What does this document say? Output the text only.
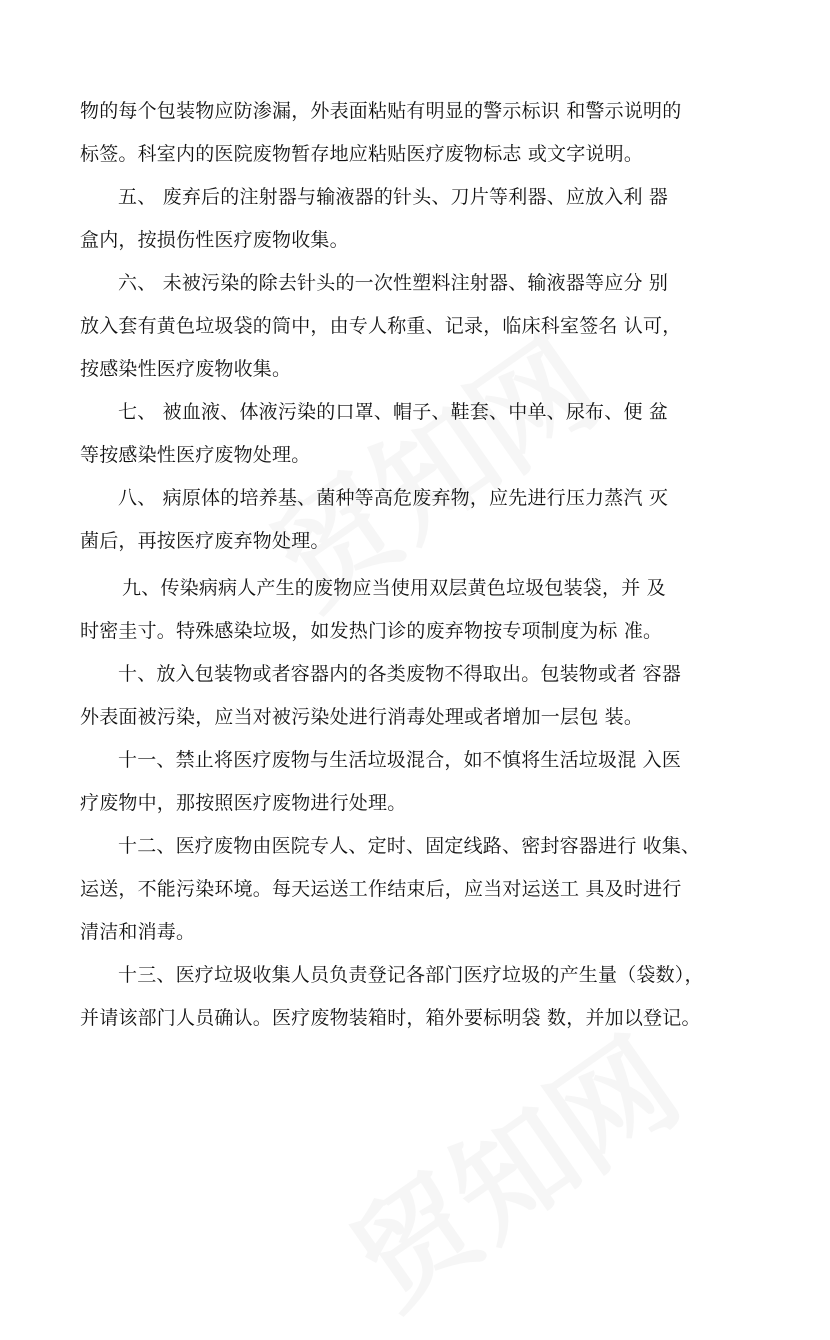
物的每个包装物应防渗漏，外表面粘贴有明显的警示标识 和警示说明的
标签。科室内的医院废物暂存地应粘贴医疗废物标志 或文字说明。
五、 废弃后的注射器与输液器的针头、刀片等利器、应放入利 器
盒内，按损伤性医疗废物收集。
六、 未被污染的除去针头的一次性塑料注射器、输液器等应分 别
放入套有黄色垃圾袋的筒中，由专人称重、记录，临床科室签名 认可，
按感染性医疗废物收集。
七、 被血液、体液污染的口罩、帽子、鞋套、中单、尿布、便 盆
等按感染性医疗废物处理。
八、 病原体的培养基、菌种等高危废弃物，应先进行压力蒸汽 灭
菌后，再按医疗废弃物处理。
九、传染病病人产生的废物应当使用双层黄色垃圾包装袋，并 及
时密圭寸。特殊感染垃圾，如发热门诊的废弃物按专项制度为标 准。
十、放入包装物或者容器内的各类废物不得取出。包装物或者 容器
外表面被污染，应当对被污染处进行消毒处理或者增加一层包 装。
十一、禁止将医疗废物与生活垃圾混合，如不慎将生活垃圾混 入医
疗废物中，那按照医疗废物进行处理。
十二、医疗废物由医院专人、定时、固定线路、密封容器进行 收集、
运送，不能污染环境。每天运送工作结束后，应当对运送工 具及时进行
清洁和消毒。
十三、医疗垃圾收集人员负责登记各部门医疗垃圾的产生量（袋数），
并请该部门人员确认。医疗废物装箱时，箱外要标明袋 数，并加以登记。
